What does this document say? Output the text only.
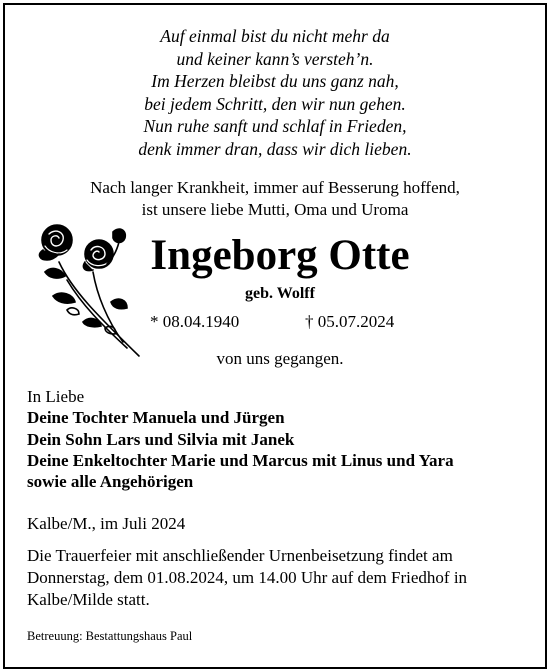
Auf einmal bist du nicht mehr da
und keiner kann’s versteh’n.
Im Herzen bleibst du uns ganz nah,
bei jedem Schritt, den wir nun gehen.
Nun ruhe sanft und schlaf in Frieden,
denk immer dran, dass wir dich lieben.
Nach langer Krankheit, immer auf Besserung hoffend,
ist unsere liebe Mutti, Oma und Uroma
Ingeborg Otte
geb. Wolff
* 08.04.1940	† 05.07.2024
von uns gegangen.
In Liebe
Deine Tochter Manuela und Jürgen
Dein Sohn Lars und Silvia mit Janek
Deine Enkeltochter Marie und Marcus mit Linus und Yara
sowie alle Angehörigen
Kalbe/M., im Juli 2024
Die Trauerfeier mit anschließender Urnenbeisetzung findet am
Donnerstag, dem 01.08.2024, um 14.00 Uhr auf dem Friedhof in
Kalbe/Milde statt.
Betreuung: Bestattungshaus Paul
